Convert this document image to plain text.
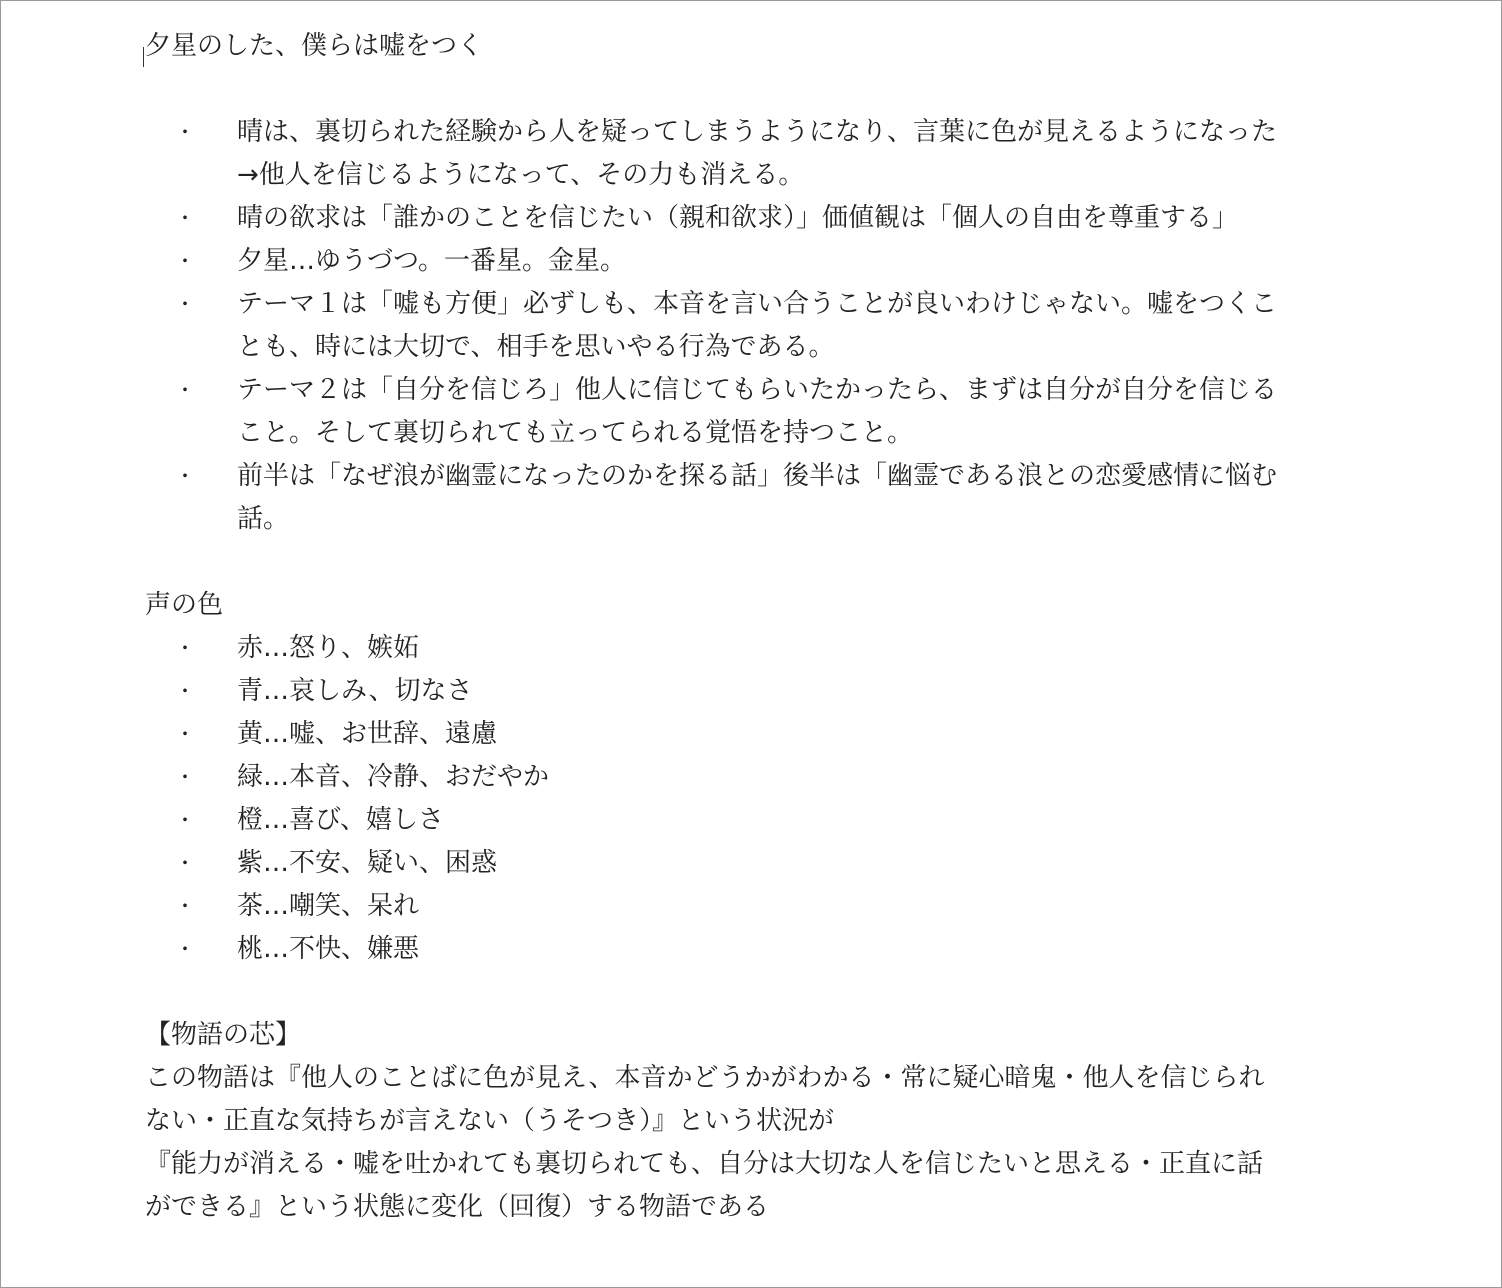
夕星のした、僕らは嘘をつく
・ 晴は、裏切られた経験から人を疑ってしまうようになり、言葉に色が見えるようになった
→他人を信じるようになって、その力も消える。
・ 晴の欲求は「誰かのことを信じたい（親和欲求）」価値観は「個人の自由を尊重する」
・ 夕星…ゆうづつ。一番星。金星。
・ テーマ１は「嘘も方便」必ずしも、本音を言い合うことが良いわけじゃない。嘘をつくこ
とも、時には大切で、相手を思いやる行為である。
・ テーマ２は「自分を信じろ」他人に信じてもらいたかったら、まずは自分が自分を信じる
こと。そして裏切られても立ってられる覚悟を持つこと。
・ 前半は「なぜ浪が幽霊になったのかを探る話」後半は「幽霊である浪との恋愛感情に悩む
話。
声の色
・ 赤…怒り、嫉妬
・ 青…哀しみ、切なさ
・ 黄…嘘、お世辞、遠慮
・ 緑…本音、冷静、おだやか
・ 橙…喜び、嬉しさ
・ 紫…不安、疑い、困惑
・ 茶…嘲笑、呆れ
・ 桃…不快、嫌悪
【物語の芯】
この物語は『他人のことばに色が見え、本音かどうかがわかる・常に疑心暗鬼・他人を信じられ
ない・正直な気持ちが言えない（うそつき）』という状況が
『能力が消える・嘘を吐かれても裏切られても、自分は大切な人を信じたいと思える・正直に話
ができる』という状態に変化（回復）する物語である
